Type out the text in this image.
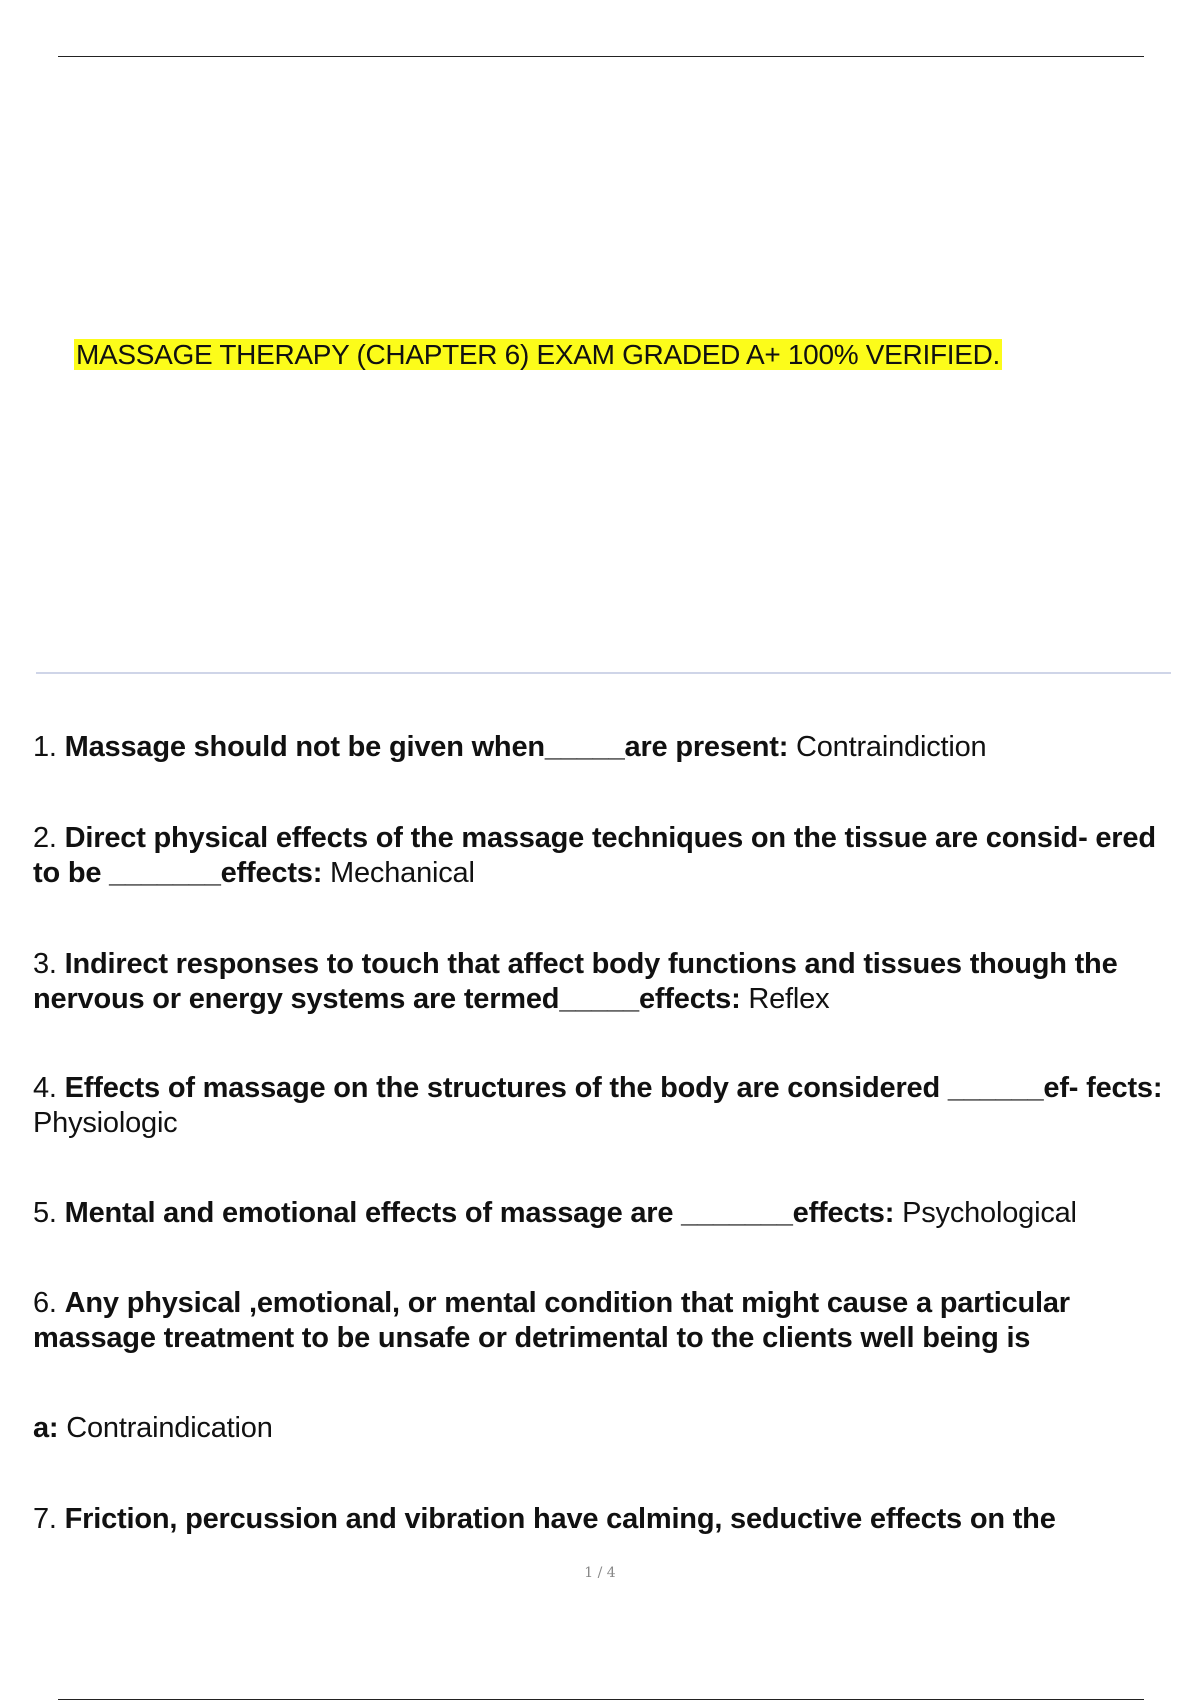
MASSAGE THERAPY (CHAPTER 6) EXAM GRADED A+ 100% VERIFIED.
1. Massage should not be given when_____are present: Contraindiction
2. Direct physical effects of the massage techniques on the tissue are consid- ered to be _______effects: Mechanical
3. Indirect responses to touch that affect body functions and tissues though the nervous or energy systems are termed_____effects: Reflex
4. Effects of massage on the structures of the body are considered ______ef- fects: Physiologic
5. Mental and emotional effects of massage are _______effects: Psychological
6. Any physical ,emotional, or mental condition that might cause a particular massage treatment to be unsafe or detrimental to the clients well being is
a: Contraindication
7. Friction, percussion and vibration have calming, seductive effects on the
1 / 4
